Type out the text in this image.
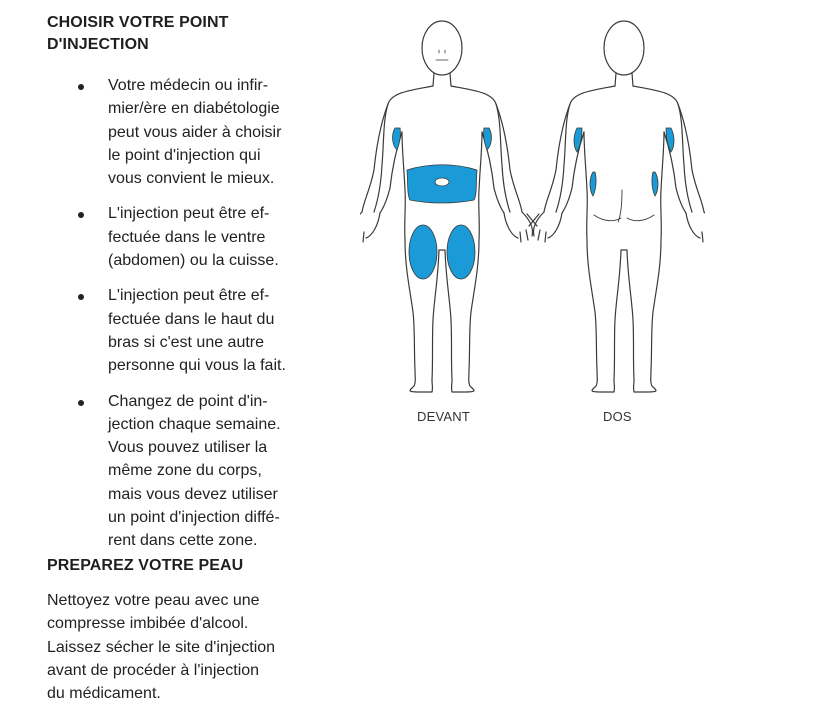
CHOISIR VOTRE POINT
D'INJECTION
Votre médecin ou infir-
mier/ère en diabétologie
peut vous aider à choisir
le point d'injection qui
vous convient le mieux.
L'injection peut être ef-
fectuée dans le ventre
(abdomen) ou la cuisse.
L'injection peut être ef-
fectuée dans le haut du
bras si c'est une autre
personne qui vous la fait.
Changez de point d'in-
jection chaque semaine.
Vous pouvez utiliser la
même zone du corps,
mais vous devez utiliser
un point d'injection diffé-
rent dans cette zone.
PREPAREZ VOTRE PEAU
Nettoyez votre peau avec une
compresse imbibée d'alcool.
Laissez sécher le site d'injection
avant de procéder à l'injection
du médicament.
DEVANT	DOS
